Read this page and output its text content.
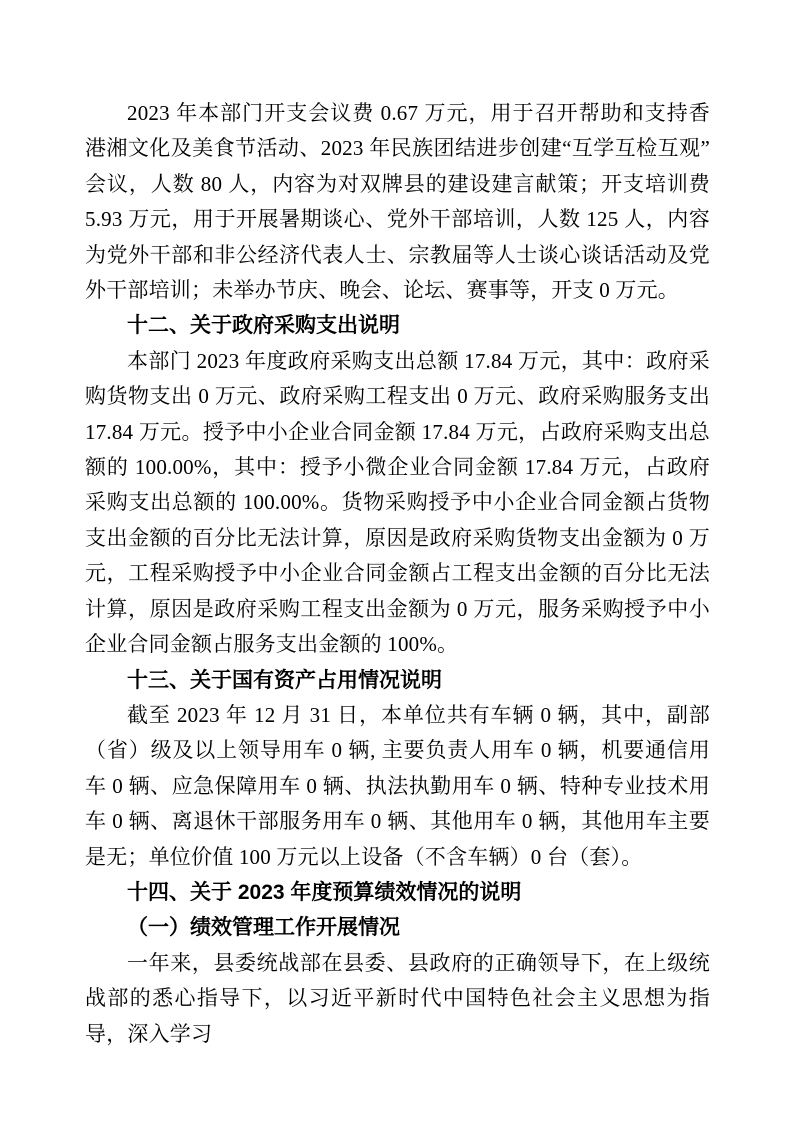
2023 年本部门开支会议费 0.67 万元，用于召开帮助和支持香港湘文化及美食节活动、2023 年民族团结进步创建“互学互检互观”会议，人数 80 人，内容为对双牌县的建设建言献策；开支培训费 5.93 万元，用于开展暑期谈心、党外干部培训，人数 125 人，内容为党外干部和非公经济代表人士、宗教届等人士谈心谈话活动及党外干部培训；未举办节庆、晚会、论坛、赛事等，开支 0 万元。

十二、关于政府采购支出说明

本部门 2023 年度政府采购支出总额 17.84 万元，其中：政府采购货物支出 0 万元、政府采购工程支出 0 万元、政府采购服务支出 17.84 万元。授予中小企业合同金额 17.84 万元，占政府采购支出总额的 100.00%，其中：授予小微企业合同金额 17.84 万元，占政府采购支出总额的 100.00%。货物采购授予中小企业合同金额占货物支出金额的百分比无法计算，原因是政府采购货物支出金额为 0 万元，工程采购授予中小企业合同金额占工程支出金额的百分比无法计算，原因是政府采购工程支出金额为 0 万元，服务采购授予中小企业合同金额占服务支出金额的 100%。

十三、关于国有资产占用情况说明

截至 2023 年 12 月 31 日，本单位共有车辆 0 辆，其中，副部（省）级及以上领导用车 0 辆, 主要负责人用车 0 辆，机要通信用车 0 辆、应急保障用车 0 辆、执法执勤用车 0 辆、特种专业技术用车 0 辆、离退休干部服务用车 0 辆、其他用车 0 辆，其他用车主要是无；单位价值 100 万元以上设备（不含车辆）0 台（套）。

十四、关于 2023 年度预算绩效情况的说明
（一）绩效管理工作开展情况

一年来，县委统战部在县委、县政府的正确领导下，在上级统战部的悉心指导下，以习近平新时代中国特色社会主义思想为指导，深入学习
